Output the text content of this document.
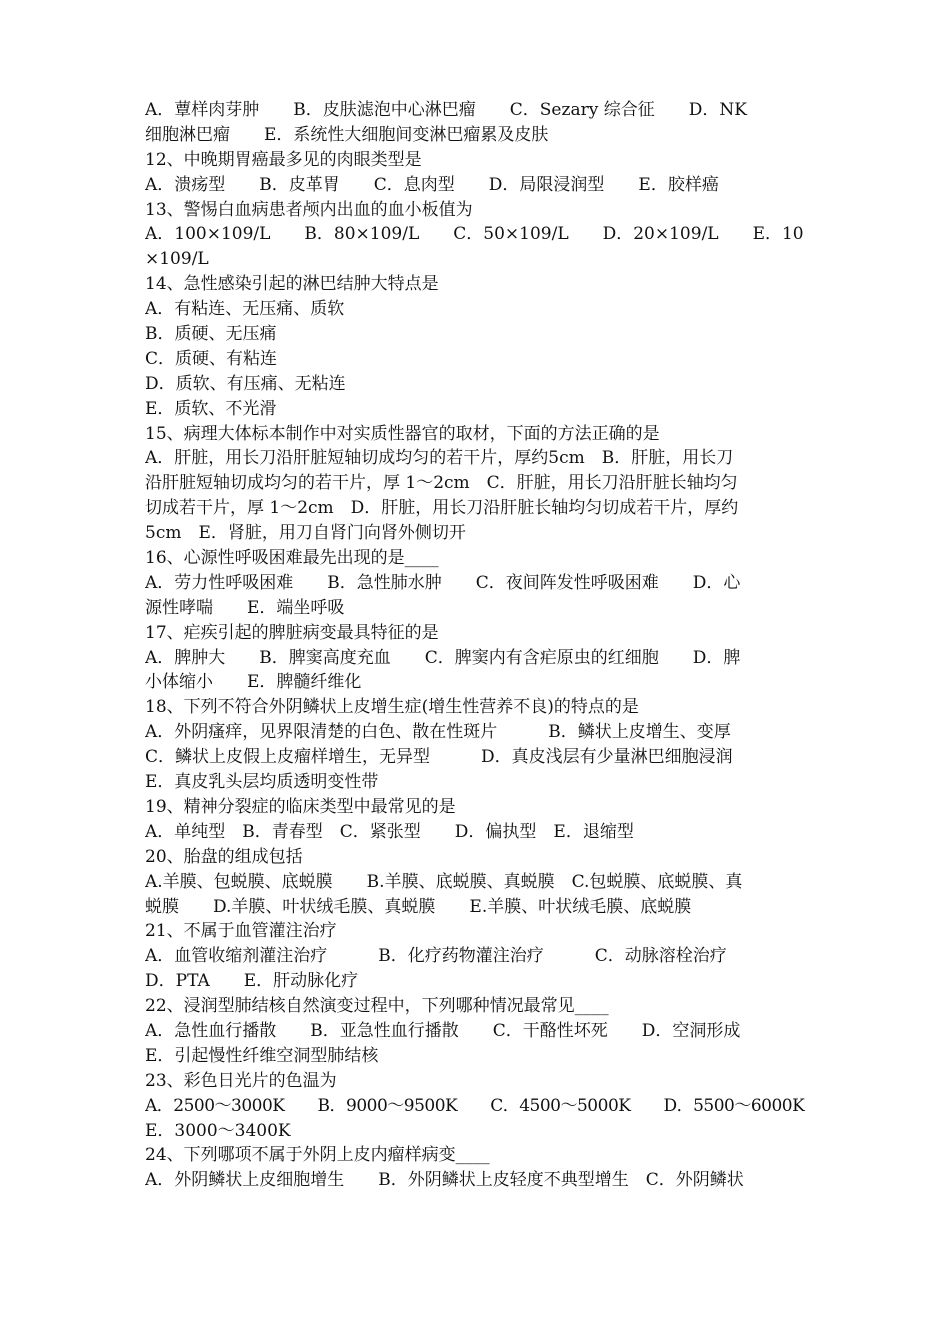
A．蕈样肉芽肿　　B．皮肤滤泡中心淋巴瘤　　C．Sezary 综合征　　D．NK
细胞淋巴瘤　　E．系统性大细胞间变淋巴瘤累及皮肤
12、中晚期胃癌最多见的肉眼类型是
A．溃疡型　　B．皮革胃　　C．息肉型　　D．局限浸润型　　E．胶样癌
13、警惕白血病患者颅内出血的血小板值为
A．100×109/L　　B．80×109/L　　C．50×109/L　　D．20×109/L　　E．10
×109/L
14、急性感染引起的淋巴结肿大特点是
A．有粘连、无压痛、质软
B．质硬、无压痛
C．质硬、有粘连
D．质软、有压痛、无粘连
E．质软、不光滑
15、病理大体标本制作中对实质性器官的取材，下面的方法正确的是
A．肝脏，用长刀沿肝脏短轴切成均匀的若干片，厚约5cm　B．肝脏，用长刀
沿肝脏短轴切成均匀的若干片，厚 1～2cm　C．肝脏，用长刀沿肝脏长轴均匀
切成若干片，厚 1～2cm　D．肝脏，用长刀沿肝脏长轴均匀切成若干片，厚约
5cm　E．肾脏，用刀自肾门向肾外侧切开
16、心源性呼吸困难最先出现的是____
A．劳力性呼吸困难　　B．急性肺水肿　　C．夜间阵发性呼吸困难　　D．心
源性哮喘　　E．端坐呼吸
17、疟疾引起的脾脏病变最具特征的是
A．脾肿大　　B．脾窦高度充血　　C．脾窦内有含疟原虫的红细胞　　D．脾
小体缩小　　E．脾髓纤维化
18、下列不符合外阴鳞状上皮增生症(增生性营养不良)的特点的是
A．外阴瘙痒，见界限清楚的白色、散在性斑片　　　B．鳞状上皮增生、变厚
C．鳞状上皮假上皮瘤样增生，无异型　　　D．真皮浅层有少量淋巴细胞浸润
E．真皮乳头层均质透明变性带
19、精神分裂症的临床类型中最常见的是
A．单纯型　B．青春型　C．紧张型　　D．偏执型　E．退缩型
20、胎盘的组成包括
A.羊膜、包蜕膜、底蜕膜　　B.羊膜、底蜕膜、真蜕膜　C.包蜕膜、底蜕膜、真
蜕膜　　D.羊膜、叶状绒毛膜、真蜕膜　　E.羊膜、叶状绒毛膜、底蜕膜
21、不属于血管灌注治疗
A．血管收缩剂灌注治疗　　　B．化疗药物灌注治疗　　　C．动脉溶栓治疗
D．PTA　　E．肝动脉化疗
22、浸润型肺结核自然演变过程中，下列哪种情况最常见____
A．急性血行播散　　B．亚急性血行播散　　C．干酪性坏死　　D．空洞形成
E．引起慢性纤维空洞型肺结核
23、彩色日光片的色温为
A．2500～3000K　　B．9000～9500K　　C．4500～5000K　　D．5500～6000K
E．3000～3400K
24、下列哪项不属于外阴上皮内瘤样病变____
A．外阴鳞状上皮细胞增生　　B．外阴鳞状上皮轻度不典型增生　C．外阴鳞状
